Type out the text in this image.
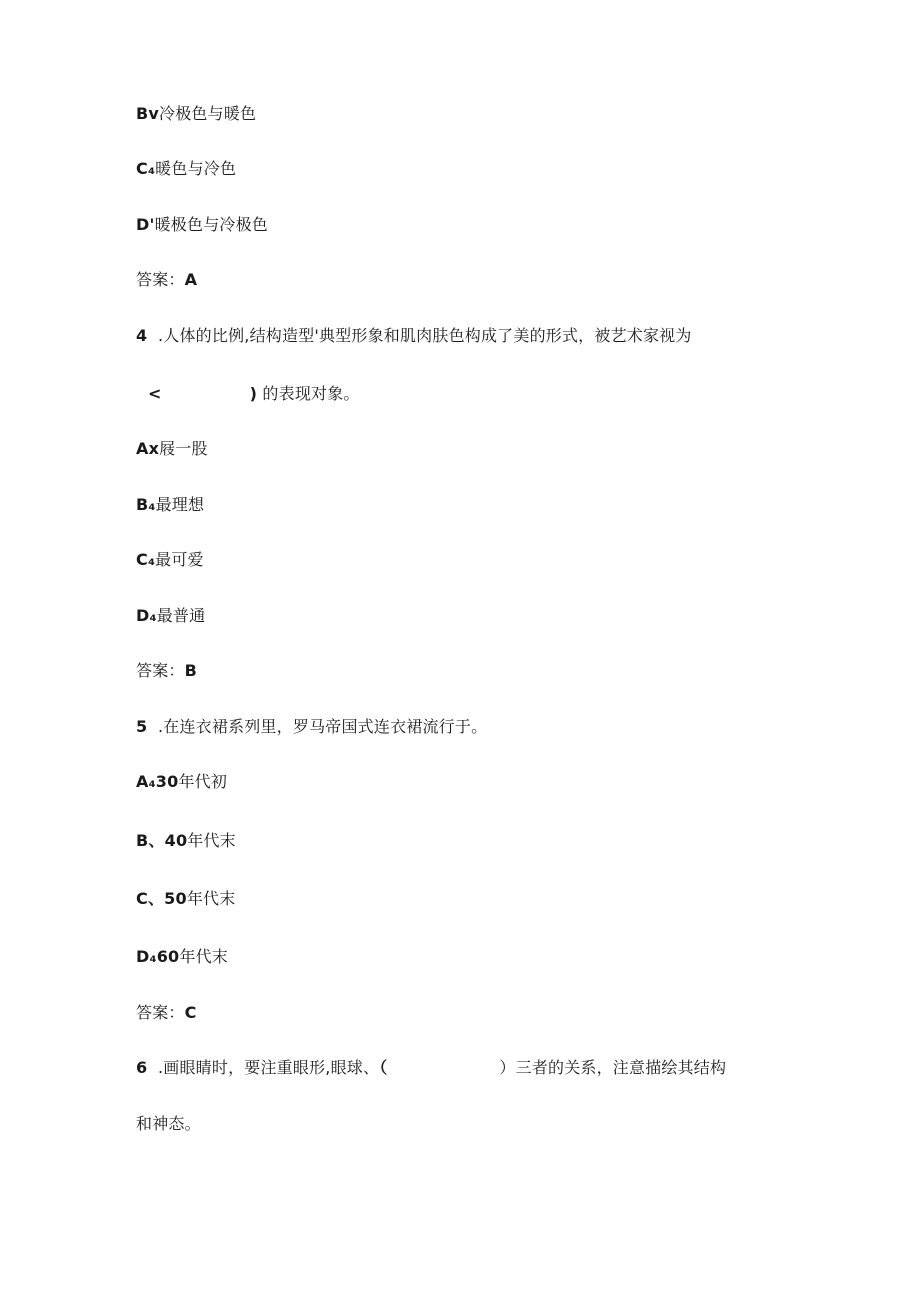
Bv冷极色与暖色
C₄暖色与冷色
D'暖极色与冷极色
答案：A
4 .人体的比例,结构造型'典型形象和肌肉肤色构成了美的形式，被艺术家视为
<	) 的表现对象。
Ax屐一股
B₄最理想
C₄最可爱
D₄最普通
答案：B
5 .在连衣裙系列里，罗马帝国式连衣裙流行于。
A₄30年代初
B、40年代末
C、50年代末
D₄60年代末
答案：C
6 .画眼睛时，要注重眼形,眼球、（	）三者的关系，注意描绘其结构
和神态。
